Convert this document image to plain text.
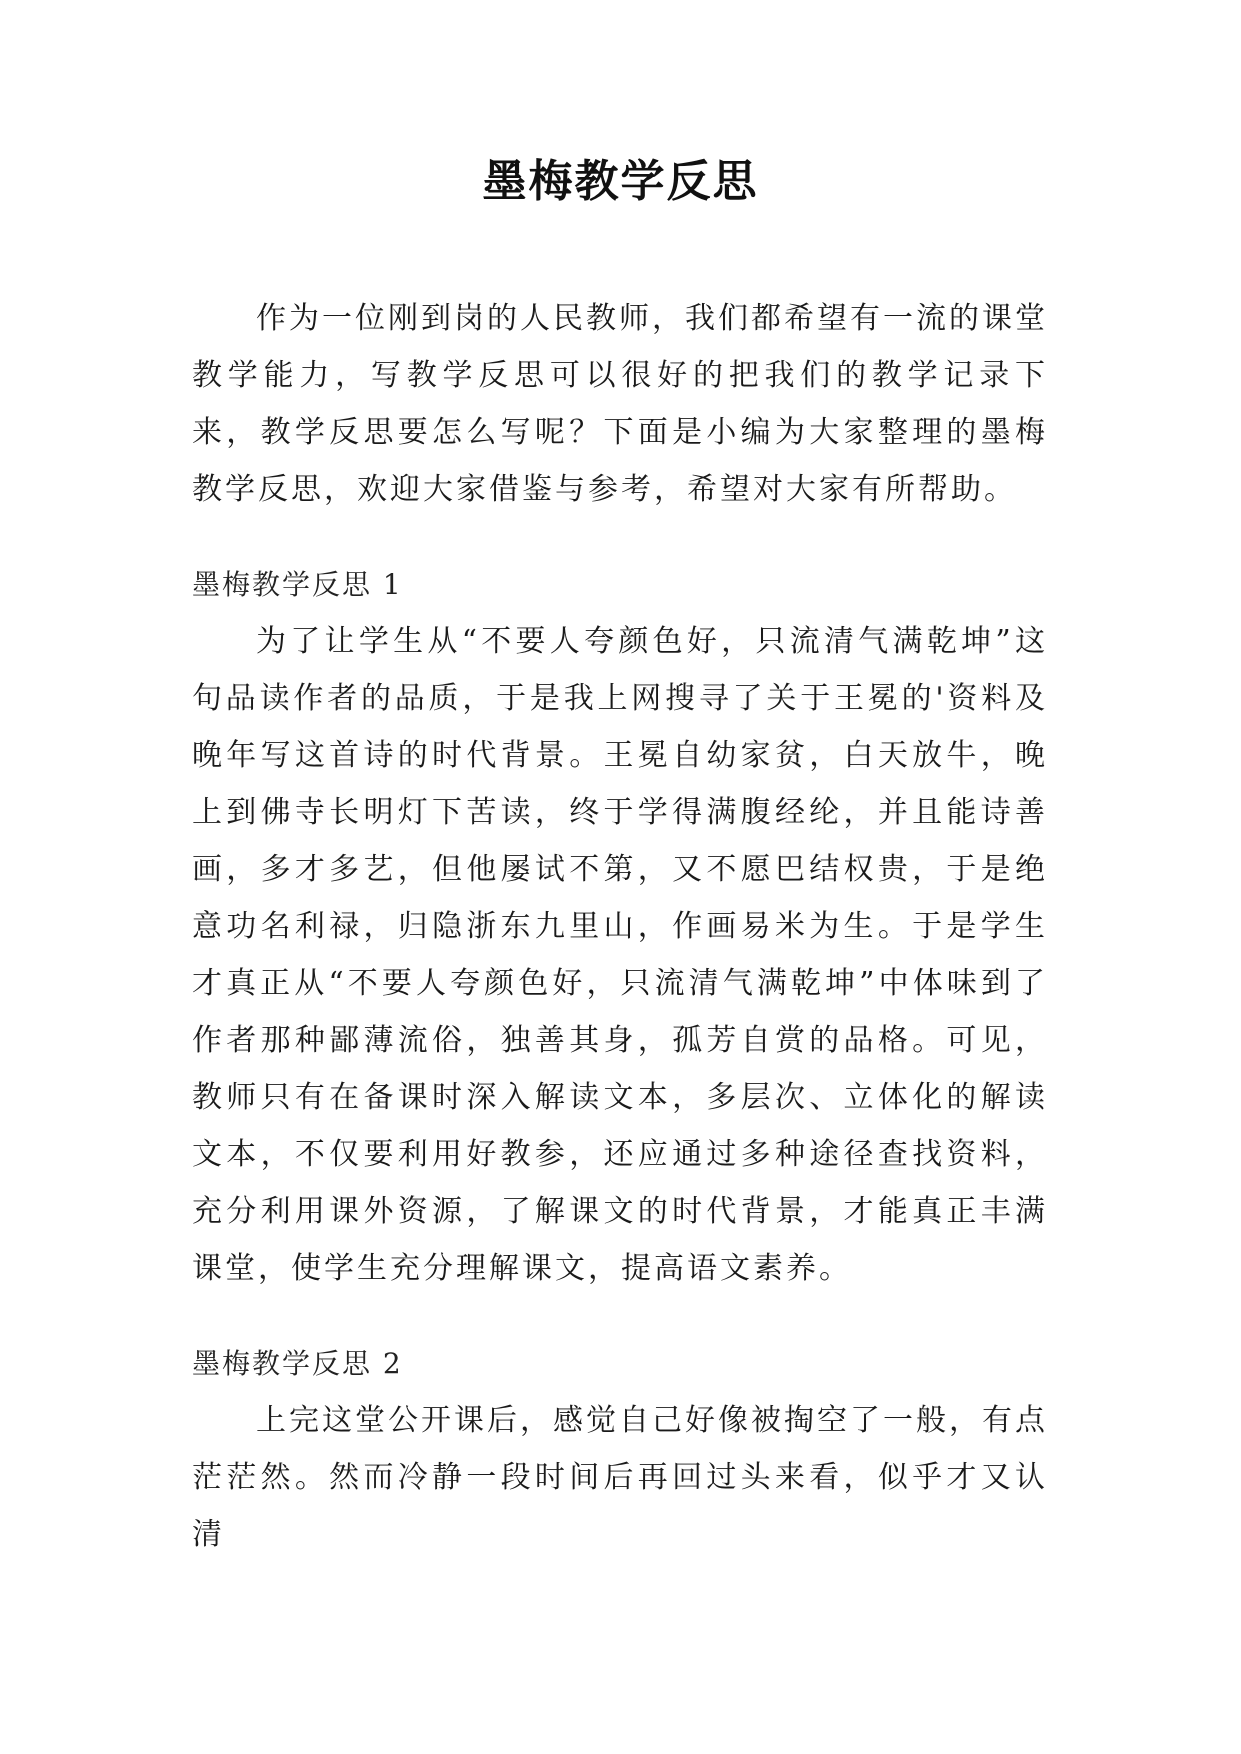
墨梅教学反思

作为一位刚到岗的人民教师，我们都希望有一流的课堂教学能力，写教学反思可以很好的把我们的教学记录下来，教学反思要怎么写呢？下面是小编为大家整理的墨梅教学反思，欢迎大家借鉴与参考，希望对大家有所帮助。

墨梅教学反思 1

为了让学生从“不要人夸颜色好，只流清气满乾坤”这句品读作者的品质，于是我上网搜寻了关于王冕的'资料及晚年写这首诗的时代背景。王冕自幼家贫，白天放牛，晚上到佛寺长明灯下苦读，终于学得满腹经纶，并且能诗善画，多才多艺，但他屡试不第，又不愿巴结权贵，于是绝意功名利禄，归隐浙东九里山，作画易米为生。于是学生才真正从“不要人夸颜色好，只流清气满乾坤”中体味到了作者那种鄙薄流俗，独善其身，孤芳自赏的品格。可见，教师只有在备课时深入解读文本，多层次、立体化的解读文本，不仅要利用好教参，还应通过多种途径查找资料，充分利用课外资源，了解课文的时代背景，才能真正丰满课堂，使学生充分理解课文，提高语文素养。

墨梅教学反思 2

上完这堂公开课后，感觉自己好像被掏空了一般，有点茫茫然。然而冷静一段时间后再回过头来看，似乎才又认清
